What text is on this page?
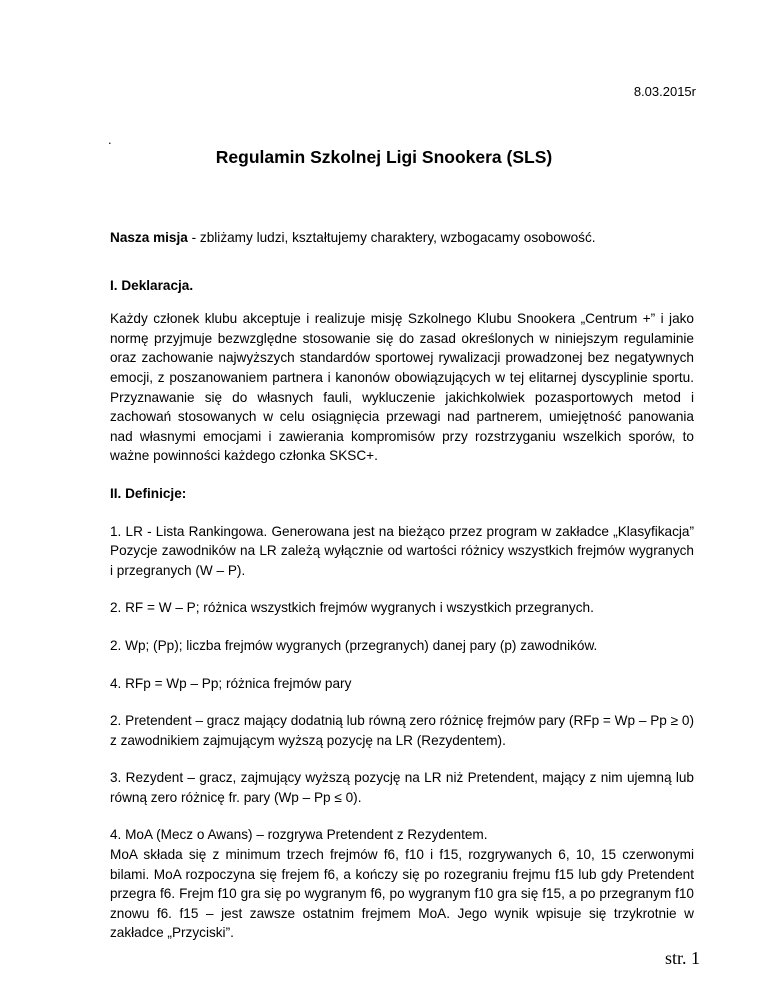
8.03.2015r
.
Regulamin Szkolnej Ligi Snookera (SLS)

Nasza misja - zbliżamy ludzi, kształtujemy charaktery, wzbogacamy osobowość.

I. Deklaracja.

Każdy członek klubu akceptuje i realizuje misję Szkolnego Klubu Snookera „Centrum +” i jako normę przyjmuje bezwzględne stosowanie się do zasad określonych w niniejszym regulaminie oraz zachowanie najwyższych standardów sportowej rywalizacji prowadzonej bez negatywnych emocji, z poszanowaniem partnera i kanonów obowiązujących w tej elitarnej dyscyplinie sportu. Przyznawanie się do własnych fauli, wykluczenie jakichkolwiek pozasportowych metod i zachowań stosowanych w celu osiągnięcia przewagi nad partnerem, umiejętność panowania nad własnymi emocjami i zawierania kompromisów przy rozstrzyganiu wszelkich sporów, to ważne powinności każdego członka SKSC+.

II. Definicje:

1. LR - Lista Rankingowa. Generowana jest na bieżąco przez program w zakładce „Klasyfikacja” Pozycje zawodników na LR zależą wyłącznie od wartości różnicy wszystkich frejmów wygranych i przegranych (W – P).

2. RF = W – P; różnica wszystkich frejmów wygranych i wszystkich przegranych.

2. Wp; (Pp); liczba frejmów wygranych (przegranych) danej pary (p) zawodników.

4. RFp = Wp – Pp; różnica frejmów pary

2. Pretendent – gracz mający dodatnią lub równą zero różnicę frejmów pary (RFp = Wp – Pp ≥ 0) z zawodnikiem zajmującym wyższą pozycję na LR (Rezydentem).

3. Rezydent – gracz, zajmujący wyższą pozycję na LR niż Pretendent, mający z nim ujemną lub równą zero różnicę fr. pary (Wp – Pp ≤ 0).

4. MoA (Mecz o Awans) – rozgrywa Pretendent z Rezydentem.

MoA składa się z minimum trzech frejmów f6, f10 i f15, rozgrywanych 6, 10, 15 czerwonymi bilami. MoA rozpoczyna się frejem f6, a kończy się po rozegraniu frejmu f15 lub gdy Pretendent przegra f6. Frejm f10 gra się po wygranym f6, po wygranym f10 gra się f15, a po przegranym f10 znowu f6. f15 – jest zawsze ostatnim frejmem MoA. Jego wynik wpisuje się trzykrotnie w zakładce „Przyciski”.

str. 1
